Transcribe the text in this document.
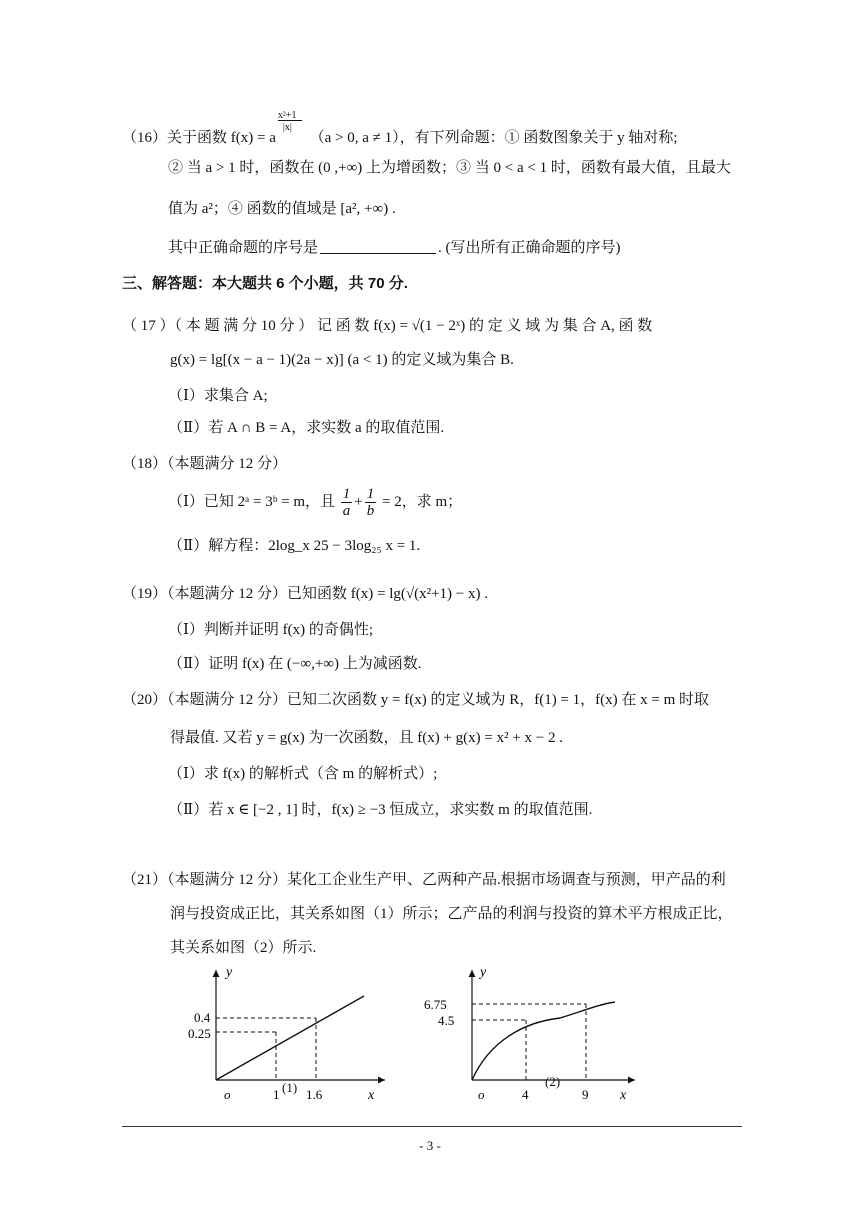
（16）关于函数 f(x) = a $\frac{\text{x²+1}}{|x|} (a > 0$, a ≠ 1），有下列命题：① 函数图象关于 y 轴对称;
② 当 a > 1 时，函数在 (0 ,+∞) 上为增函数；③ 当 0 < a < 1 时，函数有最大值，且最大
值为 a²；④ 函数的值域是 [a², +∞) .
其中正确命题的序号是	. (写出所有正确命题的序号)
三、解答题：本大题共 6 个小题，共 70 分.
（ 17 ）（ 本 题 满 分 10 分 ） 记 函 数 f(x) = √(1 − 2ˣ) 的 定 义 域 为 集 合 A, 函 数
g(x) = lg[(x − a − 1)(2a − x)] (a < 1) 的定义域为集合 B.
（Ⅰ）求集合 A;
（Ⅱ）若 A ∩ B = A，求实数 a 的取值范围.
（18）（本题满分 12 分）
（Ⅰ）已知 2ᵃ = 3ᵇ = m，且 $\frac{1}{a} + \frac{1}{b} = 2$，求 m；
（Ⅱ）解方程：2log_x 25 − 3log₂₅ x = 1.
（19）（本题满分 12 分）已知函数 f(x) = lg(√(x²+1) − x) .
（Ⅰ）判断并证明 f(x) 的奇偶性;
（Ⅱ）证明 f(x) 在 (−∞,+∞) 上为减函数.
（20）（本题满分 12 分）已知二次函数 y = f(x) 的定义域为 R，f(1) = 1，f(x) 在 x = m 时取
得最值. 又若 y = g(x) 为一次函数，且 f(x) + g(x) = x² + x − 2 .
（Ⅰ）求 f(x) 的解析式（含 m 的解析式）;
（Ⅱ）若 x ∈ [−2 , 1] 时，f(x) ≥ −3 恒成立，求实数 m 的取值范围.
（21）（本题满分 12 分）某化工企业生产甲、乙两种产品.根据市场调查与预测，甲产品的利
润与投资成正比，其关系如图（1）所示；乙产品的利润与投资的算术平方根成正比，
其关系如图（2）所示.
y
0.4
0.25
o	1 1.6	x
(1)
y
6.75
4.5
o	4	9 x
(2)
- 3 -
